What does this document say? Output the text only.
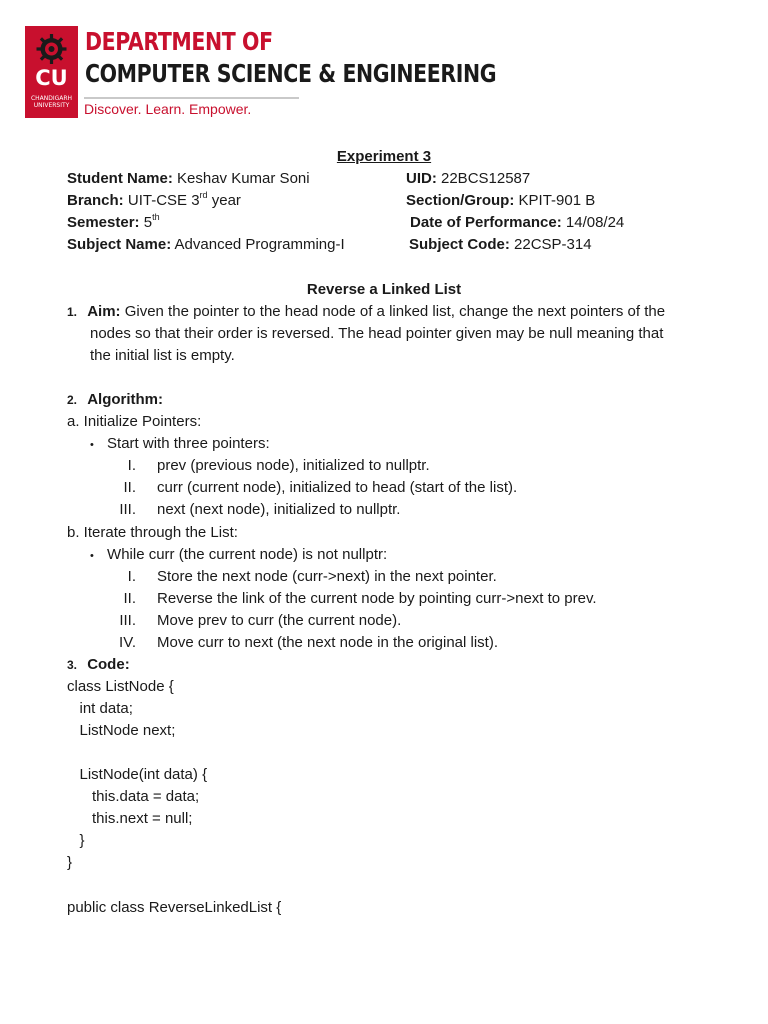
CU
CHANDIGARH UNIVERSITY
DEPARTMENT OF
COMPUTER SCIENCE & ENGINEERING
Discover. Learn. Empower.
Experiment 3
Student Name: Keshav Kumar Soni	UID: 22BCS12587
Branch: UIT-CSE 3rd year	Section/Group: KPIT-901 B
Semester: 5th	Date of Performance: 14/08/24
Subject Name: Advanced Programming-I	Subject Code: 22CSP-314
Reverse a Linked List
1. Aim: Given the pointer to the head node of a linked list, change the next pointers of the
nodes so that their order is reversed. The head pointer given may be null meaning that
the initial list is empty.
2. Algorithm:
a. Initialize Pointers:
• Start with three pointers:
I. prev (previous node), initialized to nullptr.
II. curr (current node), initialized to head (start of the list).
III. next (next node), initialized to nullptr.
b. Iterate through the List:
• While curr (the current node) is not nullptr:
I. Store the next node (curr->next) in the next pointer.
II. Reverse the link of the current node by pointing curr->next to prev.
III. Move prev to curr (the current node).
IV. Move curr to next (the next node in the original list).
3. Code:
class ListNode {
int data;
ListNode next;
ListNode(int data) {
this.data = data;
this.next = null;
}
}
public class ReverseLinkedList {
